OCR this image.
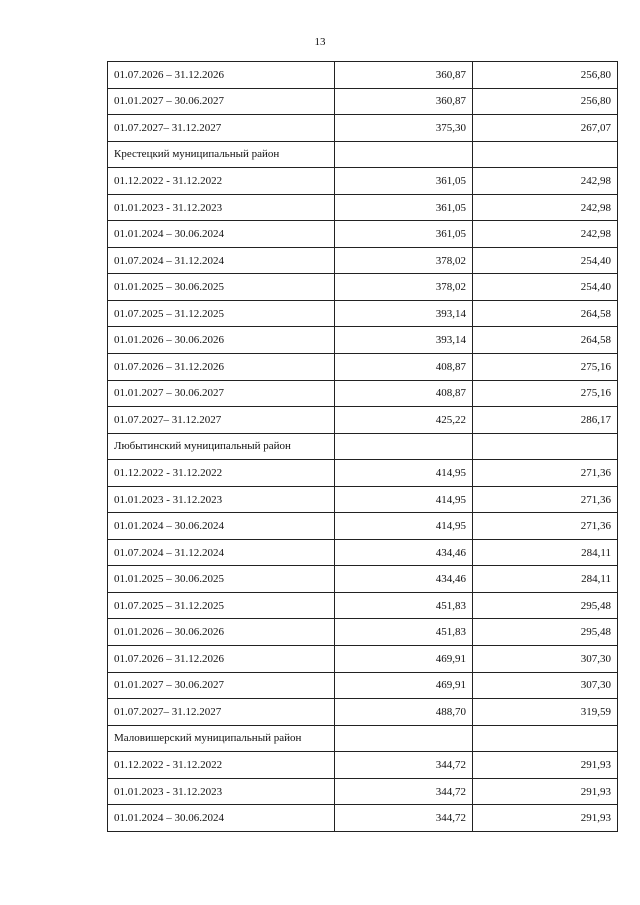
13
01.07.2026 – 31.12.2026	360,87	256,80
01.01.2027 – 30.06.2027	360,87	256,80
01.07.2027– 31.12.2027	375,30	267,07
Крестецкий муниципальный район		
01.12.2022 - 31.12.2022	361,05	242,98
01.01.2023 - 31.12.2023	361,05	242,98
01.01.2024 – 30.06.2024	361,05	242,98
01.07.2024 – 31.12.2024	378,02	254,40
01.01.2025 – 30.06.2025	378,02	254,40
01.07.2025 – 31.12.2025	393,14	264,58
01.01.2026 – 30.06.2026	393,14	264,58
01.07.2026 – 31.12.2026	408,87	275,16
01.01.2027 – 30.06.2027	408,87	275,16
01.07.2027– 31.12.2027	425,22	286,17
Любытинский муниципальный район		
01.12.2022 - 31.12.2022	414,95	271,36
01.01.2023 - 31.12.2023	414,95	271,36
01.01.2024 – 30.06.2024	414,95	271,36
01.07.2024 – 31.12.2024	434,46	284,11
01.01.2025 – 30.06.2025	434,46	284,11
01.07.2025 – 31.12.2025	451,83	295,48
01.01.2026 – 30.06.2026	451,83	295,48
01.07.2026 – 31.12.2026	469,91	307,30
01.01.2027 – 30.06.2027	469,91	307,30
01.07.2027– 31.12.2027	488,70	319,59
Маловишерский муниципальный район		
01.12.2022 - 31.12.2022	344,72	291,93
01.01.2023 - 31.12.2023	344,72	291,93
01.01.2024 – 30.06.2024	344,72	291,93
